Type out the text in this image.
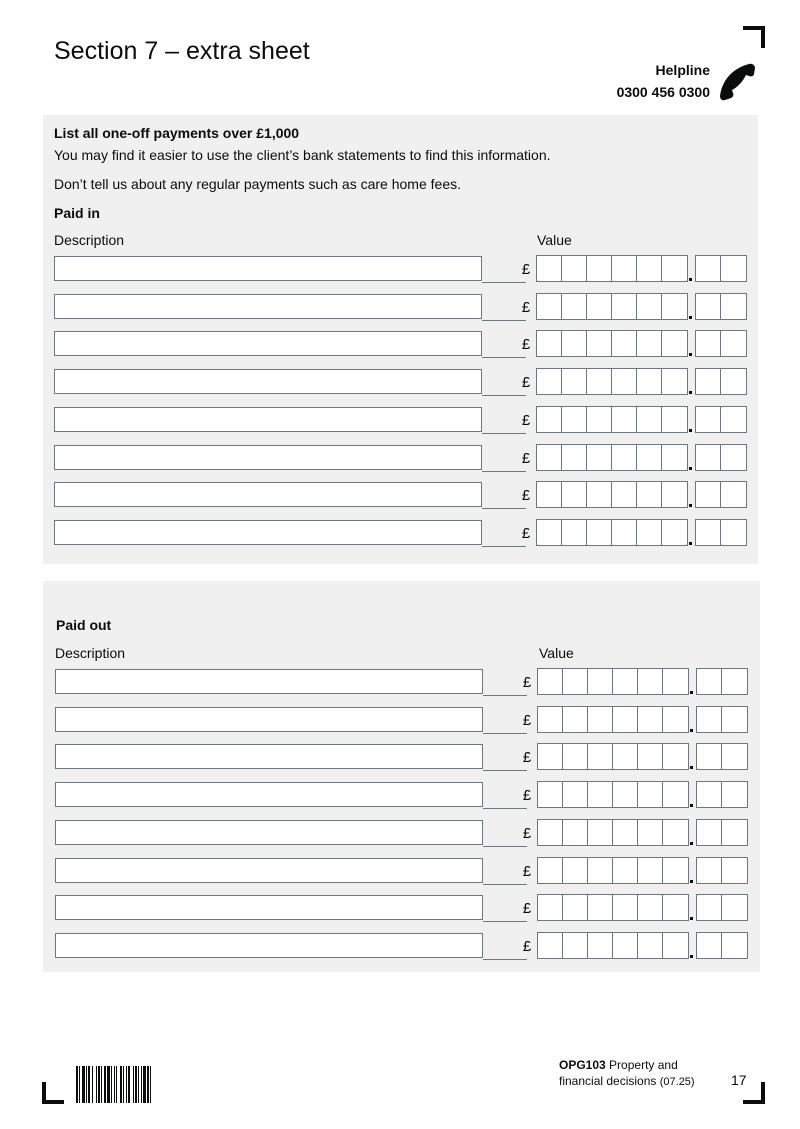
Section 7 – extra sheet
Helpline
0300 456 0300
List all one-off payments over £1,000
You may find it easier to use the client’s bank statements to find this information.
Don’t tell us about any regular payments such as care home fees.
Paid in
Description	Value
£
£
£
£
£
£
£
£
Paid out
Description	Value
£
£
£
£
£
£
£
£
OPG103 Property and
financial decisions (07.25)	17
